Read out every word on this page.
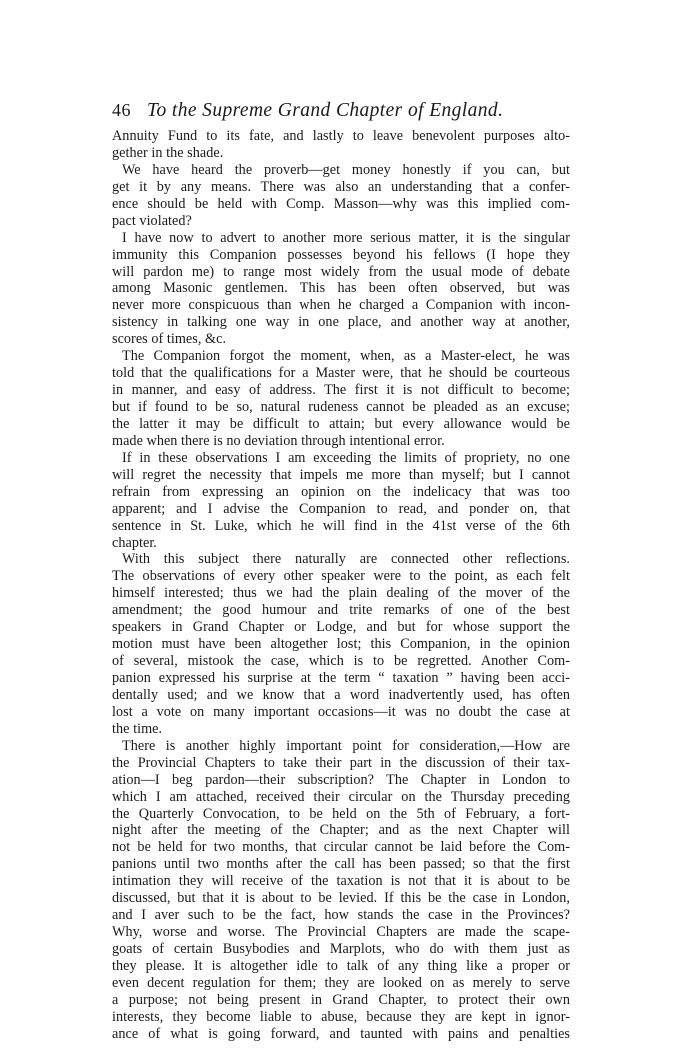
46 To the Supreme Grand Chapter of England.
Annuity Fund to its fate, and lastly to leave benevolent purposes alto-
gether in the shade.
We have heard the proverb—get money honestly if you can, but
get it by any means. There was also an understanding that a confer-
ence should be held with Comp. Masson—why was this implied com-
pact violated?
I have now to advert to another more serious matter, it is the singular
immunity this Companion possesses beyond his fellows (I hope they
will pardon me) to range most widely from the usual mode of debate
among Masonic gentlemen. This has been often observed, but was
never more conspicuous than when he charged a Companion with incon-
sistency in talking one way in one place, and another way at another,
scores of times, &c.
The Companion forgot the moment, when, as a Master-elect, he was
told that the qualifications for a Master were, that he should be courteous
in manner, and easy of address. The first it is not difficult to become;
but if found to be so, natural rudeness cannot be pleaded as an excuse;
the latter it may be difficult to attain; but every allowance would be
made when there is no deviation through intentional error.
If in these observations I am exceeding the limits of propriety, no one
will regret the necessity that impels me more than myself; but I cannot
refrain from expressing an opinion on the indelicacy that was too
apparent; and I advise the Companion to read, and ponder on, that
sentence in St. Luke, which he will find in the 41st verse of the 6th
chapter.
With this subject there naturally are connected other reflections.
The observations of every other speaker were to the point, as each felt
himself interested; thus we had the plain dealing of the mover of the
amendment; the good humour and trite remarks of one of the best
speakers in Grand Chapter or Lodge, and but for whose support the
motion must have been altogether lost; this Companion, in the opinion
of several, mistook the case, which is to be regretted. Another Com-
panion expressed his surprise at the term “ taxation ” having been acci-
dentally used; and we know that a word inadvertently used, has often
lost a vote on many important occasions—it was no doubt the case at
the time.
There is another highly important point for consideration,—How are
the Provincial Chapters to take their part in the discussion of their tax-
ation—I beg pardon—their subscription? The Chapter in London to
which I am attached, received their circular on the Thursday preceding
the Quarterly Convocation, to be held on the 5th of February, a fort-
night after the meeting of the Chapter; and as the next Chapter will
not be held for two months, that circular cannot be laid before the Com-
panions until two months after the call has been passed; so that the first
intimation they will receive of the taxation is not that it is about to be
discussed, but that it is about to be levied. If this be the case in London,
and I aver such to be the fact, how stands the case in the Provinces?
Why, worse and worse. The Provincial Chapters are made the scape-
goats of certain Busybodies and Marplots, who do with them just as
they please. It is altogether idle to talk of any thing like a proper or
even decent regulation for them; they are looked on as merely to serve
a purpose; not being present in Grand Chapter, to protect their own
interests, they become liable to abuse, because they are kept in ignor-
ance of what is going forward, and taunted with pains and penalties
